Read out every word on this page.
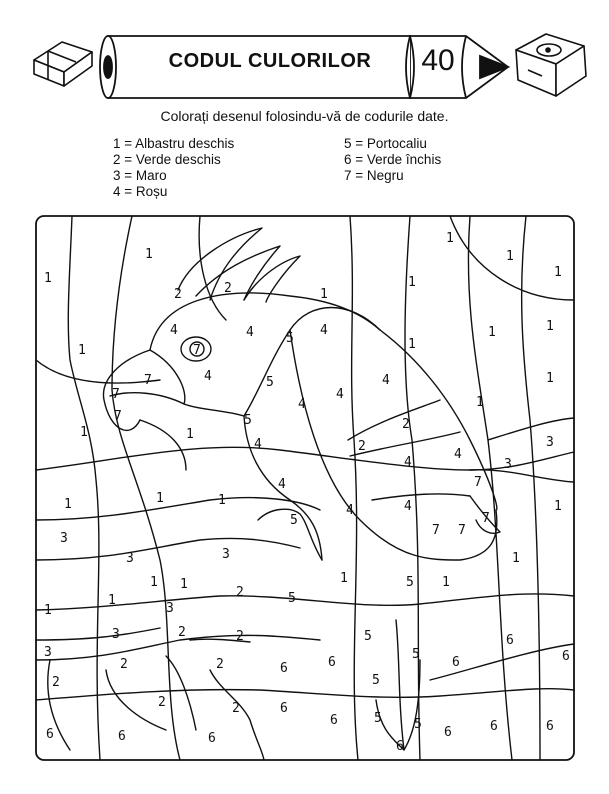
CODUL CULORILOR	40
Colorați desenul folosindu-vă de codurile date.
1 = Albastru deschis
2 = Verde deschis
3 = Maro
4 = Roșu
5 = Portocaliu
6 = Verde închis
7 = Negru
1
1
1
1	1
1	1	1
1
1
1
1
1
1	1
1
1
1
1
1
1 1
1
1
1	1
2	2
2
2
2
2	2
2	2
2
2	2
3
3
3
3	3
3
3
3
4	4	4
4	4
4
4
4
4
4
4
4	4
5
5
5
5
5
5
5
5
5 5
5
6
6
6
6
6
6
6
6	6	6
6
6
6
6
7
7
7
7
7
7 7
7
